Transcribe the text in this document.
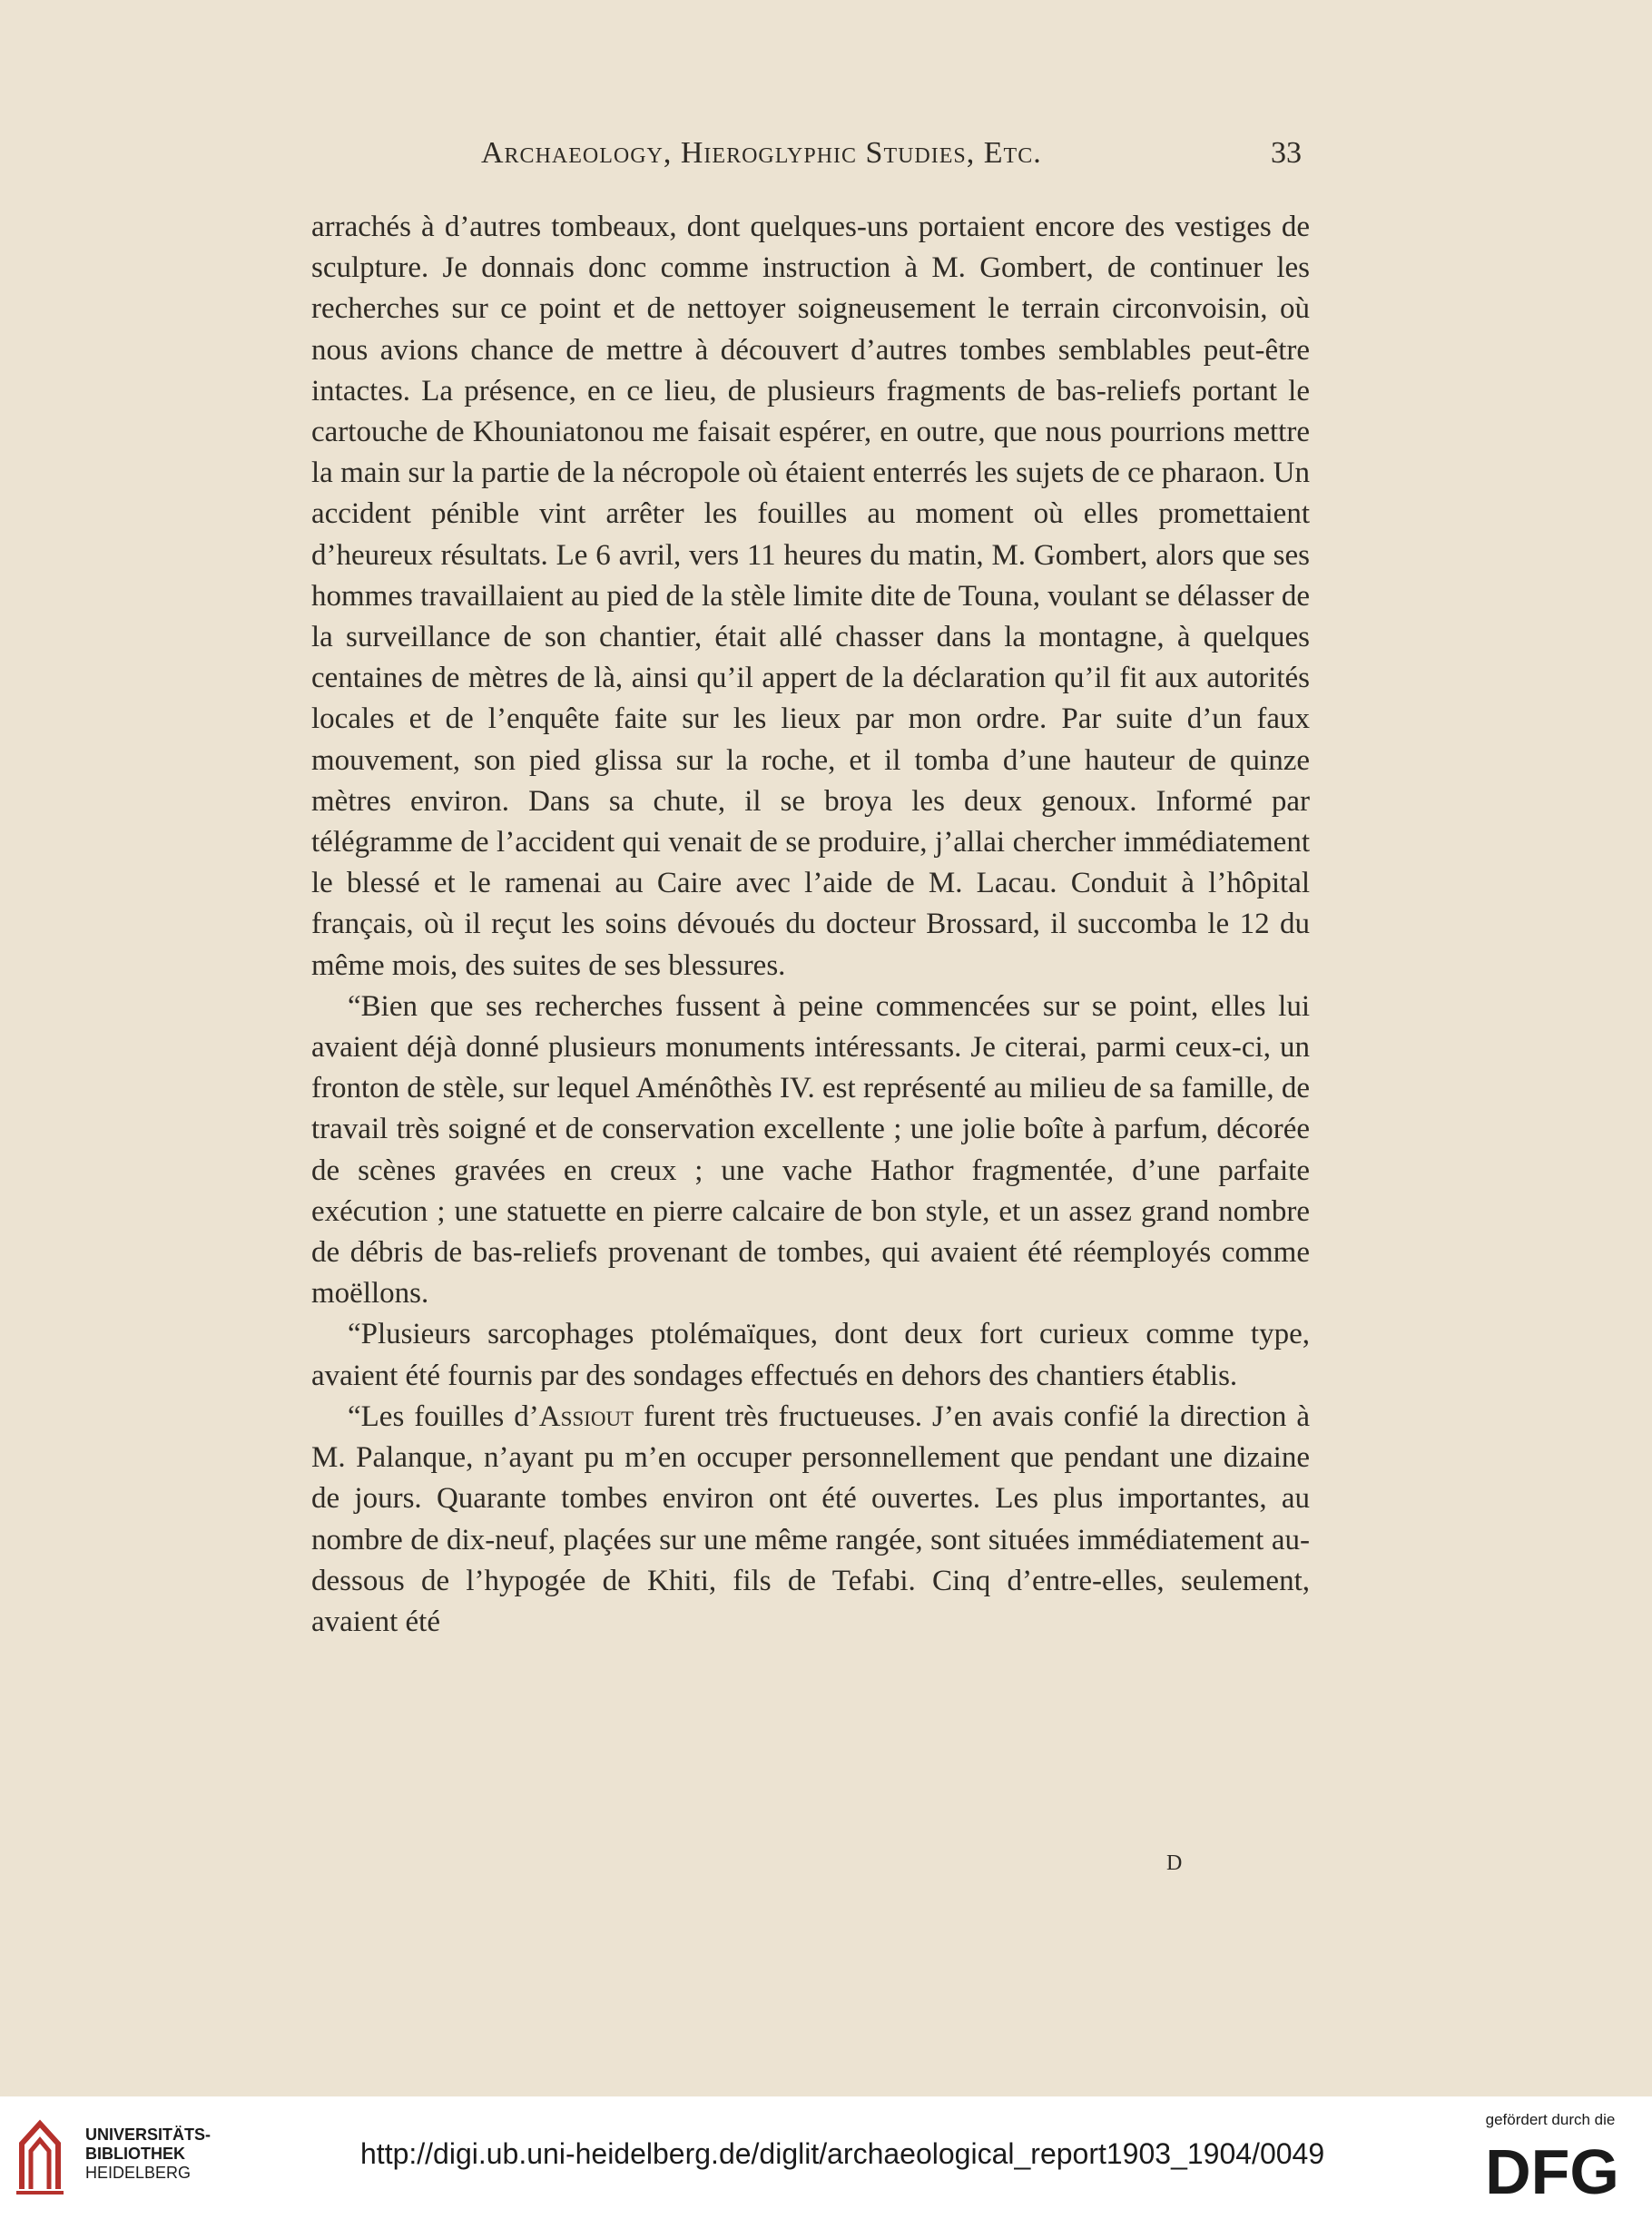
Archaeology, Hieroglyphic Studies, Etc.	33

arrachés à d’autres tombeaux, dont quelques-uns portaient encore des vestiges de sculpture. Je donnais donc comme instruction à M. Gombert, de continuer les recherches sur ce point et de nettoyer soigneusement le terrain circonvoisin, où nous avions chance de mettre à découvert d’autres tombes semblables peut-être intactes. La présence, en ce lieu, de plusieurs fragments de bas-reliefs portant le cartouche de Khouniatonou me faisait espérer, en outre, que nous pourrions mettre la main sur la partie de la nécropole où étaient enterrés les sujets de ce pharaon. Un accident pénible vint arrêter les fouilles au moment où elles promettaient d’heureux résultats. Le 6 avril, vers 11 heures du matin, M. Gombert, alors que ses hommes travaillaient au pied de la stèle limite dite de Touna, voulant se délasser de la surveillance de son chantier, était allé chasser dans la montagne, à quelques centaines de mètres de là, ainsi qu’il appert de la déclaration qu’il fit aux autorités locales et de l’enquête faite sur les lieux par mon ordre. Par suite d’un faux mouvement, son pied glissa sur la roche, et il tomba d’une hauteur de quinze mètres environ. Dans sa chute, il se broya les deux genoux. Informé par télégramme de l’accident qui venait de se produire, j’allai chercher immédiatement le blessé et le ramenai au Caire avec l’aide de M. Lacau. Conduit à l’hôpital français, où il reçut les soins dévoués du docteur Brossard, il succomba le 12 du même mois, des suites de ses blessures.

“Bien que ses recherches fussent à peine commencées sur se point, elles lui avaient déjà donné plusieurs monuments intéressants. Je citerai, parmi ceux-ci, un fronton de stèle, sur lequel Aménôthès IV. est représenté au milieu de sa famille, de travail très soigné et de conservation excellente ; une jolie boîte à parfum, décorée de scènes gravées en creux ; une vache Hathor fragmentée, d’une parfaite exécution ; une statuette en pierre calcaire de bon style, et un assez grand nombre de débris de bas-reliefs provenant de tombes, qui avaient été réemployés comme moëllons.

“Plusieurs sarcophages ptolémaïques, dont deux fort curieux comme type, avaient été fournis par des sondages effectués en dehors des chantiers établis.

“Les fouilles d’Assiout furent très fructueuses. J’en avais confié la direction à M. Palanque, n’ayant pu m’en occuper personnellement que pendant une dizaine de jours. Quarante tombes environ ont été ouvertes. Les plus importantes, au nombre de dix-neuf, plaçées sur une même rangée, sont situées immédiatement au-dessous de l’hypogée de Khiti, fils de Tefabi. Cinq d’entre-elles, seulement, avaient été

D
UNIVERSITÄTS-
BIBLIOTHEK
HEIDELBERG
http://digi.ub.uni-heidelberg.de/diglit/archaeological_report1903_1904/0049
gefördert durch die
DFG
